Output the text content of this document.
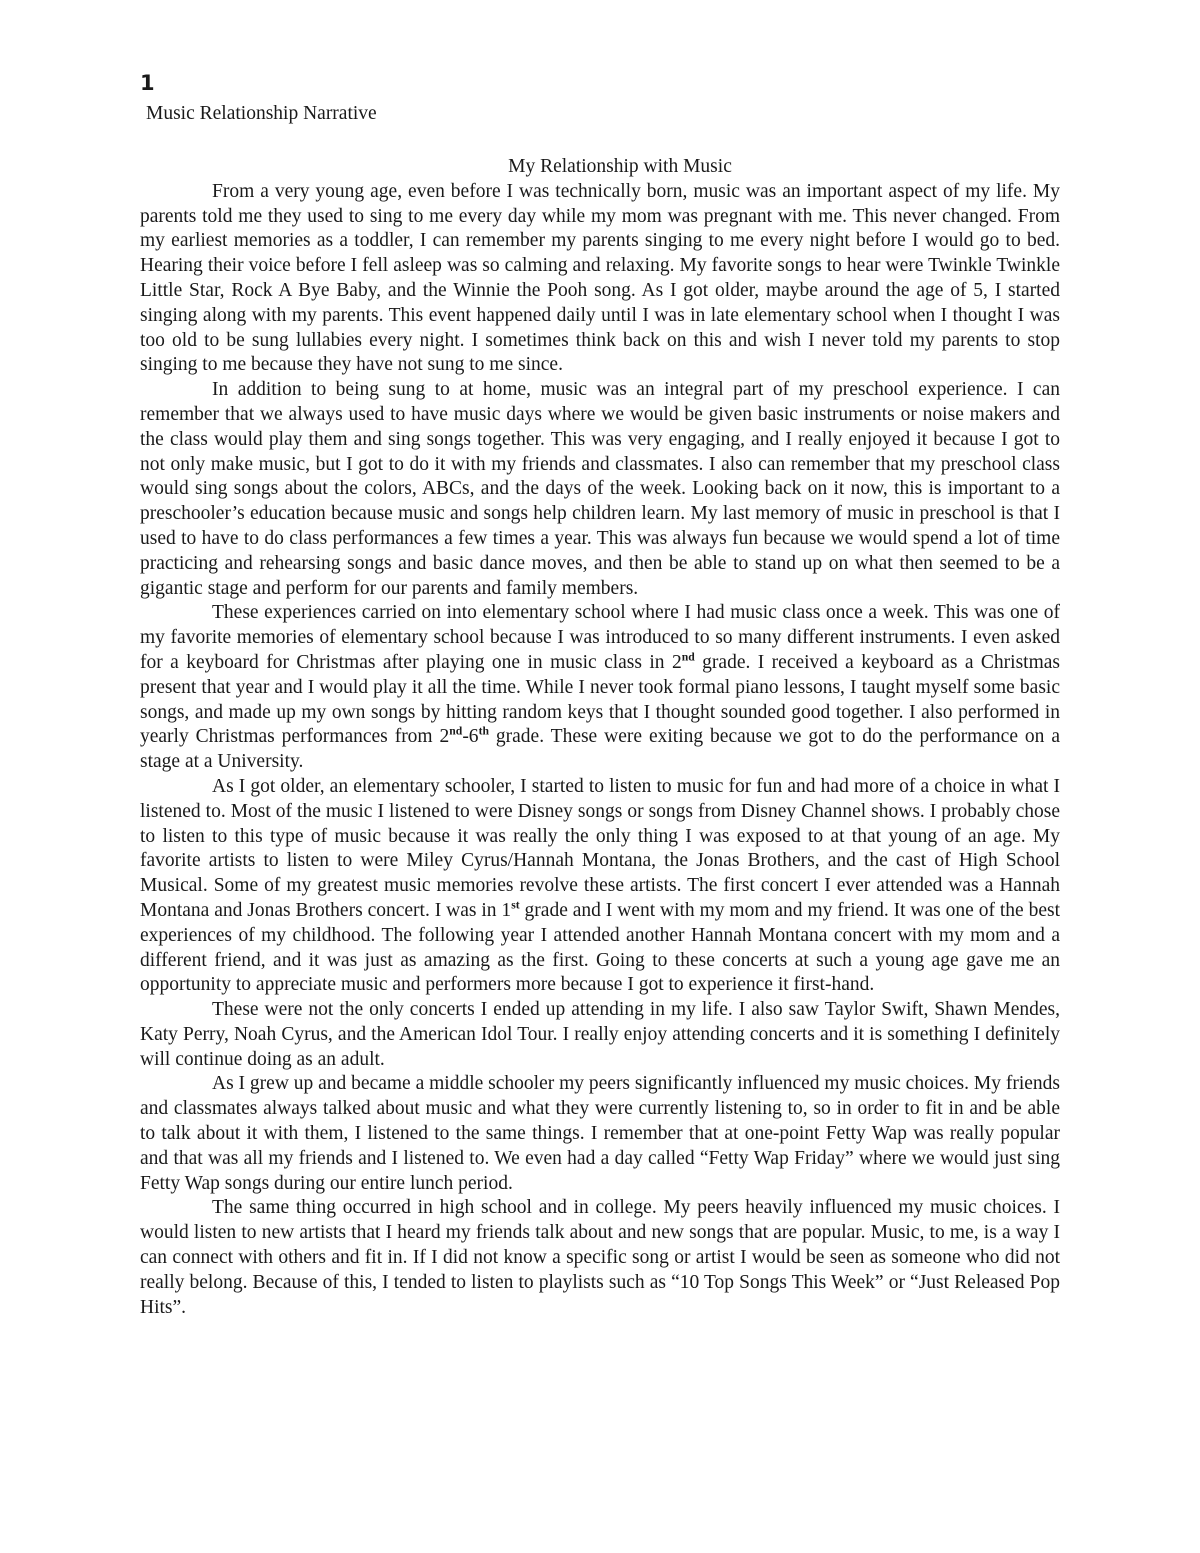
1

Music Relationship Narrative

My Relationship with Music

From a very young age, even before I was technically born, music was an important aspect of my life. My parents told me they used to sing to me every day while my mom was pregnant with me. This never changed. From my earliest memories as a toddler, I can remember my parents singing to me every night before I would go to bed. Hearing their voice before I fell asleep was so calming and relaxing. My favorite songs to hear were Twinkle Twinkle Little Star, Rock A Bye Baby, and the Winnie the Pooh song. As I got older, maybe around the age of 5, I started singing along with my parents. This event happened daily until I was in late elementary school when I thought I was too old to be sung lullabies every night. I sometimes think back on this and wish I never told my parents to stop singing to me because they have not sung to me since.

In addition to being sung to at home, music was an integral part of my preschool experience. I can remember that we always used to have music days where we would be given basic instruments or noise makers and the class would play them and sing songs together. This was very engaging, and I really enjoyed it because I got to not only make music, but I got to do it with my friends and classmates. I also can remember that my preschool class would sing songs about the colors, ABCs, and the days of the week. Looking back on it now, this is important to a preschooler’s education because music and songs help children learn. My last memory of music in preschool is that I used to have to do class performances a few times a year. This was always fun because we would spend a lot of time practicing and rehearsing songs and basic dance moves, and then be able to stand up on what then seemed to be a gigantic stage and perform for our parents and family members.

These experiences carried on into elementary school where I had music class once a week. This was one of my favorite memories of elementary school because I was introduced to so many different instruments. I even asked for a keyboard for Christmas after playing one in music class in 2nd grade. I received a keyboard as a Christmas present that year and I would play it all the time. While I never took formal piano lessons, I taught myself some basic songs, and made up my own songs by hitting random keys that I thought sounded good together. I also performed in yearly Christmas performances from 2nd-6th grade. These were exiting because we got to do the performance on a stage at a University.

As I got older, an elementary schooler, I started to listen to music for fun and had more of a choice in what I listened to. Most of the music I listened to were Disney songs or songs from Disney Channel shows. I probably chose to listen to this type of music because it was really the only thing I was exposed to at that young of an age. My favorite artists to listen to were Miley Cyrus/Hannah Montana, the Jonas Brothers, and the cast of High School Musical. Some of my greatest music memories revolve these artists. The first concert I ever attended was a Hannah Montana and Jonas Brothers concert. I was in 1st grade and I went with my mom and my friend. It was one of the best experiences of my childhood. The following year I attended another Hannah Montana concert with my mom and a different friend, and it was just as amazing as the first. Going to these concerts at such a young age gave me an opportunity to appreciate music and performers more because I got to experience it first-hand.

These were not the only concerts I ended up attending in my life. I also saw Taylor Swift, Shawn Mendes, Katy Perry, Noah Cyrus, and the American Idol Tour. I really enjoy attending concerts and it is something I definitely will continue doing as an adult.

As I grew up and became a middle schooler my peers significantly influenced my music choices. My friends and classmates always talked about music and what they were currently listening to, so in order to fit in and be able to talk about it with them, I listened to the same things. I remember that at one-point Fetty Wap was really popular and that was all my friends and I listened to. We even had a day called “Fetty Wap Friday” where we would just sing Fetty Wap songs during our entire lunch period.

The same thing occurred in high school and in college. My peers heavily influenced my music choices. I would listen to new artists that I heard my friends talk about and new songs that are popular. Music, to me, is a way I can connect with others and fit in. If I did not know a specific song or artist I would be seen as someone who did not really belong. Because of this, I tended to listen to playlists such as “10 Top Songs This Week” or “Just Released Pop Hits”.
